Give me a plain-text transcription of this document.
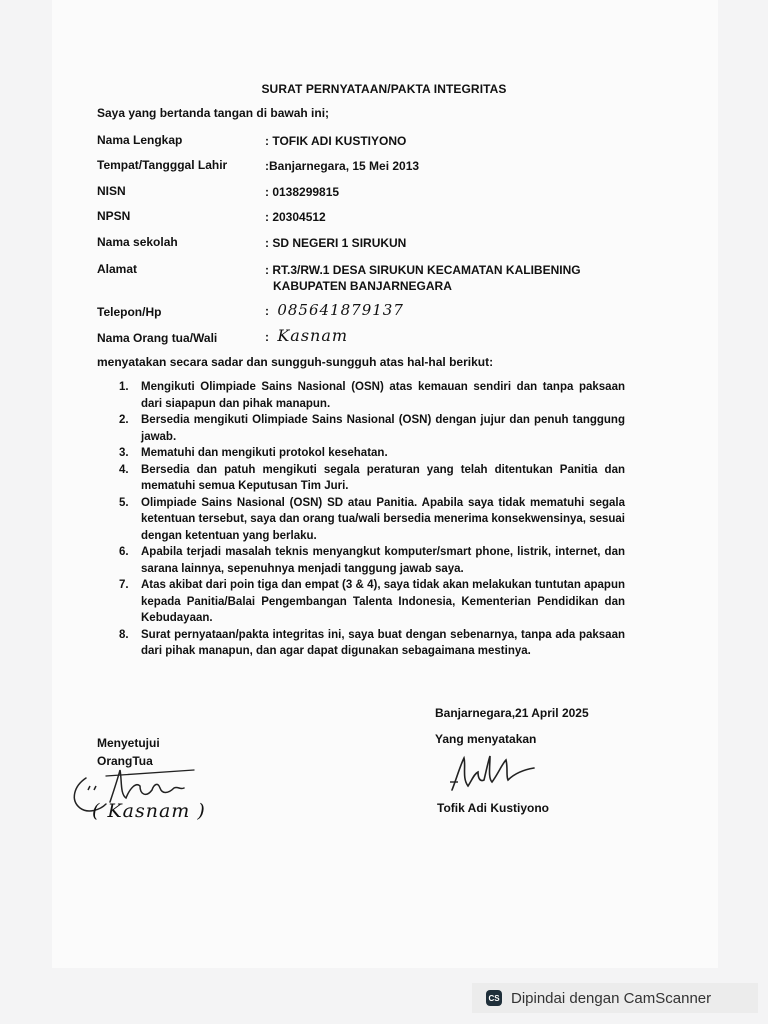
SURAT PERNYATAAN/PAKTA INTEGRITAS
Saya yang bertanda tangan di bawah ini;
Nama Lengkap	: TOFIK ADI KUSTIYONO
Tempat/Tangggal Lahir	:Banjarnegara, 15 Mei 2013
NISN	: 0138299815
NPSN	: 20304512
Nama sekolah	: SD NEGERI 1 SIRUKUN
Alamat	: RT.3/RW.1 DESA SIRUKUN KECAMATAN KALIBENING
KABUPATEN BANJARNEGARA
Telepon/Hp	: 085641879137
Nama Orang tua/Wali	: Kasnam
menyatakan secara sadar dan sungguh-sungguh atas hal-hal berikut:
1. Mengikuti Olimpiade Sains Nasional (OSN) atas kemauan sendiri dan tanpa paksaan dari siapapun dan pihak manapun.
2. Bersedia mengikuti Olimpiade Sains Nasional (OSN) dengan jujur dan penuh tanggung jawab.
3. Mematuhi dan mengikuti protokol kesehatan.
4. Bersedia dan patuh mengikuti segala peraturan yang telah ditentukan Panitia dan mematuhi semua Keputusan Tim Juri.
5. Olimpiade Sains Nasional (OSN) SD atau Panitia. Apabila saya tidak mematuhi segala ketentuan tersebut, saya dan orang tua/wali bersedia menerima konsekwensinya, sesuai dengan ketentuan yang berlaku.
6. Apabila terjadi masalah teknis menyangkut komputer/smart phone, listrik, internet, dan sarana lainnya, sepenuhnya menjadi tanggung jawab saya.
7. Atas akibat dari poin tiga dan empat (3 & 4), saya tidak akan melakukan tuntutan apapun kepada Panitia/Balai Pengembangan Talenta Indonesia, Kementerian Pendidikan dan Kebudayaan.
8. Surat pernyataan/pakta integritas ini, saya buat dengan sebenarnya, tanpa ada paksaan dari pihak manapun, dan agar dapat digunakan sebagaimana mestinya.
Banjarnegara,21 April 2025
Yang menyatakan
Tofik Adi Kustiyono
Menyetujui
OrangTua
( Kasnam )
CS Dipindai dengan CamScanner
